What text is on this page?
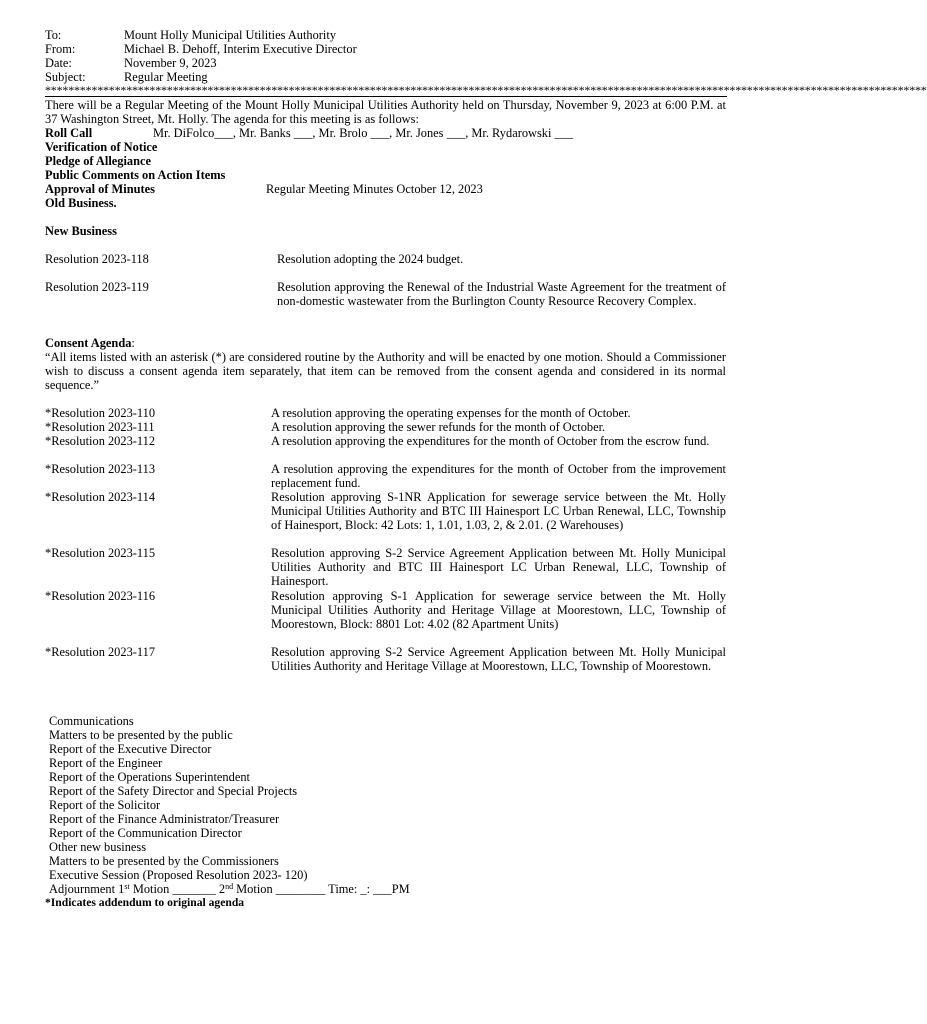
To:	Mount Holly Municipal Utilities Authority
From:	Michael B. Dehoff, Interim Executive Director
Date:	November 9, 2023
Subject:	Regular Meeting
********************************************************************************************************************************************************
There will be a Regular Meeting of the Mount Holly Municipal Utilities Authority held on Thursday, November 9, 2023 at 6:00 P.M. at 37 Washington Street, Mt. Holly. The agenda for this meeting is as follows:
Roll Call	Mr. DiFolco___, Mr. Banks ___, Mr. Brolo ___, Mr. Jones ___, Mr. Rydarowski ___
Verification of Notice
Pledge of Allegiance
Public Comments on Action Items
Approval of Minutes	Regular Meeting Minutes October 12, 2023
Old Business.
New Business
Resolution 2023-118	Resolution adopting the 2024 budget.
Resolution 2023-119	Resolution approving the Renewal of the Industrial Waste Agreement for the treatment of non-domestic wastewater from the Burlington County Resource Recovery Complex.
Consent Agenda:
“All items listed with an asterisk (*) are considered routine by the Authority and will be enacted by one motion. Should a Commissioner wish to discuss a consent agenda item separately, that item can be removed from the consent agenda and considered in its normal sequence.”
*Resolution 2023-110	A resolution approving the operating expenses for the month of October.
*Resolution 2023-111	A resolution approving the sewer refunds for the month of October.
*Resolution 2023-112	A resolution approving the expenditures for the month of October from the escrow fund.
*Resolution 2023-113	A resolution approving the expenditures for the month of October from the improvement replacement fund.
*Resolution 2023-114	Resolution approving S-1NR Application for sewerage service between the Mt. Holly Municipal Utilities Authority and BTC III Hainesport LC Urban Renewal, LLC, Township of Hainesport, Block: 42 Lots: 1, 1.01, 1.03, 2, & 2.01. (2 Warehouses)
*Resolution 2023-115	Resolution approving S-2 Service Agreement Application between Mt. Holly Municipal Utilities Authority and BTC III Hainesport LC Urban Renewal, LLC, Township of Hainesport.
*Resolution 2023-116	Resolution approving S-1 Application for sewerage service between the Mt. Holly Municipal Utilities Authority and Heritage Village at Moorestown, LLC, Township of Moorestown, Block: 8801 Lot: 4.02 (82 Apartment Units)
*Resolution 2023-117	Resolution approving S-2 Service Agreement Application between Mt. Holly Municipal Utilities Authority and Heritage Village at Moorestown, LLC, Township of Moorestown.
Communications
Matters to be presented by the public
Report of the Executive Director
Report of the Engineer
Report of the Operations Superintendent
Report of the Safety Director and Special Projects
Report of the Solicitor
Report of the Finance Administrator/Treasurer
Report of the Communication Director
Other new business
Matters to be presented by the Commissioners
Executive Session (Proposed Resolution 2023- 120)
Adjournment 1st Motion _______ 2nd Motion ________ Time: _: ___PM
*Indicates addendum to original agenda
